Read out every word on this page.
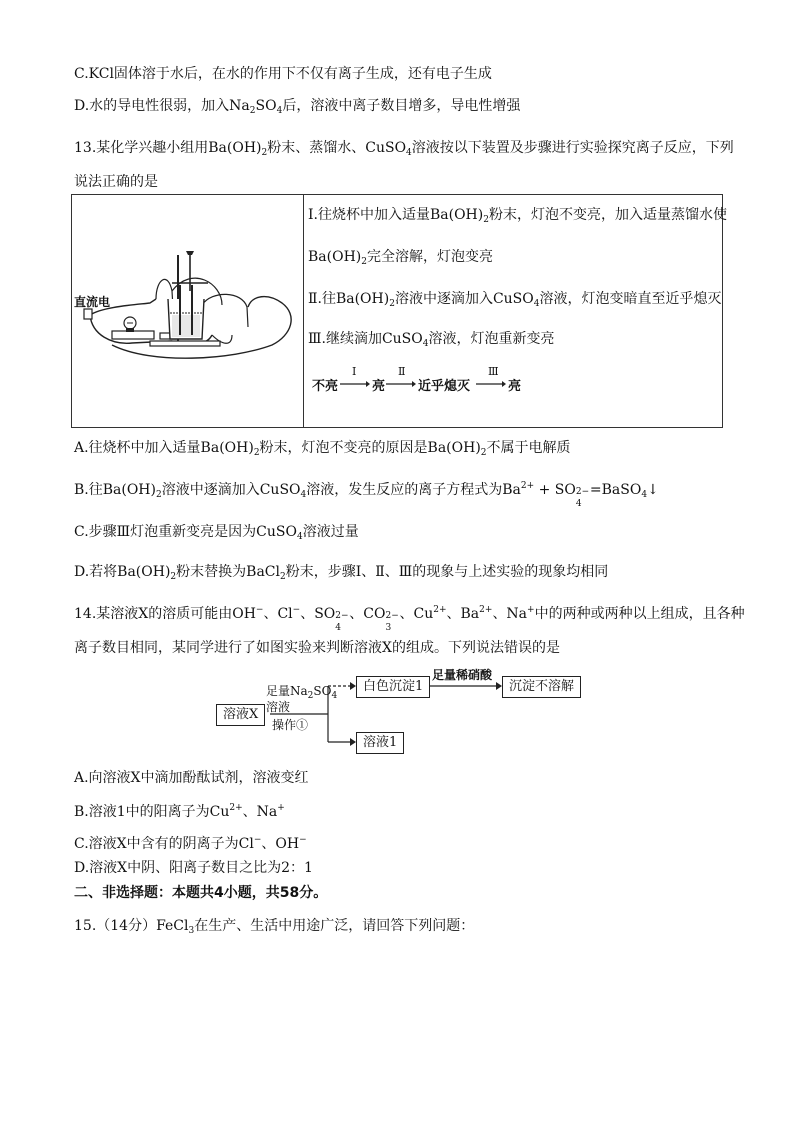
C.KCl固体溶于水后，在水的作用下不仅有离子生成，还有电子生成
D.水的导电性很弱，加入$Na_2SO_4$后，溶液中离子数目增多，导电性增强
13.某化学兴趣小组用$Ba(OH)_2$粉末、蒸馏水、CuSO$_4$溶液按以下装置及步骤进行实验探究离子反应，下列
说法正确的是
直流电

Ⅰ.往烧杯中加入适量$Ba(OH)_2$粉末，灯泡不变亮，加入适量蒸馏水使
$Ba(OH)_2$完全溶解，灯泡变亮
Ⅱ.往$Ba(OH)_2$溶液中逐滴加入CuSO$_4$溶液，灯泡变暗直至近乎熄灭
Ⅲ.继续滴加CuSO$_4$溶液，灯泡重新变亮
不亮
Ⅰ
亮
Ⅱ
近乎熄灭
Ⅲ
亮
A.往烧杯中加入适量$Ba(OH)_2$粉末，灯泡不变亮的原因是$Ba(OH)_2$不属于电解质
B.往$Ba(OH)_2$溶液中逐滴加入CuSO$_4$溶液，发生反应的离子方程式为$Ba^{2+}$ + SO 2−
4
=BaSO$_4$↓
C.步骤Ⅲ灯泡重新变亮是因为CuSO$_4$溶液过量
D.若将$Ba(OH)_2$粉末替换为BaCl$_2$粉末，步骤Ⅰ、Ⅱ、Ⅲ的现象与上述实验的现象均相同
14.某溶液X的溶质可能由OH−、Cl−、SO 2−
4
、CO 2−
3
、$Cu^{2+}$、$Ba^{2+}$、Na+中的两种或两种以上组成，且各种
离子数目相同，某同学进行了如图实验来判断溶液X的组成。下列说法错误的是
溶液X
足量$Na_2SO_4$
溶液
操作①
白色沉淀1
足量稀硝酸
沉淀不溶解
溶液1
A.向溶液X中滴加酚酞试剂，溶液变红
B.溶液1中的阳离子为$Cu^{2+}$、Na+
C.溶液X中含有的阴离子为Cl−、OH−
D.溶液X中阴、阳离子数目之比为2：1
二、非选择题：本题共4小题，共58分。
15.（14分）FeCl$_3$在生产、生活中用途广泛，请回答下列问题：
